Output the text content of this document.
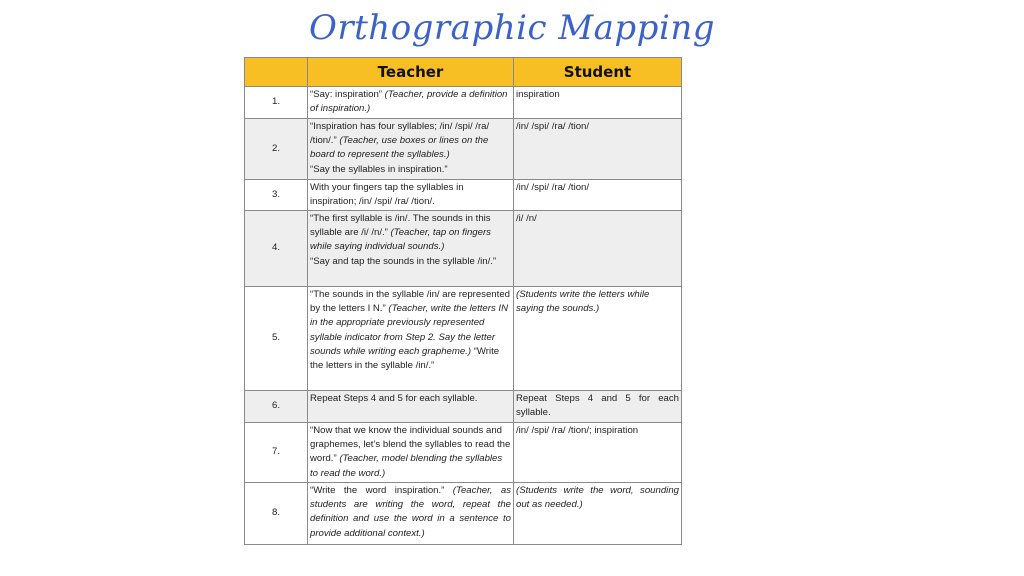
Orthographic Mapping
	Teacher	Student
1.	“Say: inspiration” (Teacher, provide a definition of inspiration.)	inspiration
2.	“Inspiration has four syllables; /in/ /spi/ /ra/ /tion/.” (Teacher, use boxes or lines on the board to represent the syllables.)
“Say the syllables in inspiration.”	/in/ /spi/ /ra/ /tion/
3.	With your fingers tap the syllables in inspiration; /in/ /spi/ /ra/ /tion/.	/in/ /spi/ /ra/ /tion/
4.	“The first syllable is /in/. The sounds in this syllable are /i/ /n/.” (Teacher, tap on fingers while saying individual sounds.)
“Say and tap the sounds in the syllable /in/.”	/i/ /n/
5.	“The sounds in the syllable /in/ are represented by the letters I N.” (Teacher, write the letters IN in the appropriate previously represented syllable indicator from Step 2. Say the letter sounds while writing each grapheme.) “Write the letters in the syllable /in/.”	(Students write the letters while saying the sounds.)
6.	Repeat Steps 4 and 5 for each syllable.	Repeat Steps 4 and 5 for each syllable.
7.	“Now that we know the individual sounds and graphemes, let’s blend the syllables to read the word.” (Teacher, model blending the syllables to read the word.)	/in/ /spi/ /ra/ /tion/; inspiration
8.	“Write the word inspiration.” (Teacher, as students are writing the word, repeat the definition and use the word in a sentence to provide additional context.)	(Students write the word, sounding out as needed.)
